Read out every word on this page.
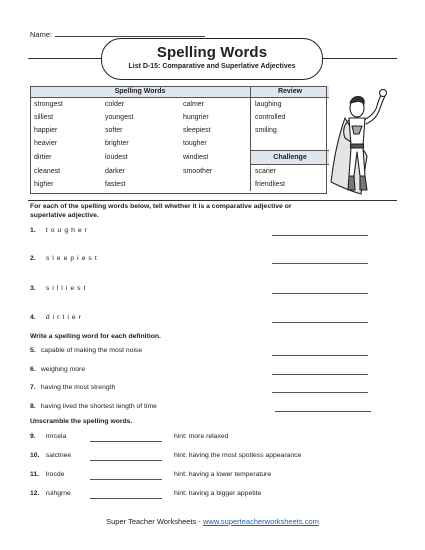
Name:
Spelling Words
List D-15: Comparative and Superlative Adjectives
Spelling Words			Review
strongest	colder	calmer	laughing
silliest	youngest	hungrier	controlled
happier	softer	sleepiest	smiling
heavier	brighter	tougher	
dirtier	loudest	windiest	Challenge
cleanest	darker	smoother	scarier
higher	fastest		friendliest
For each of the spelling words below, tell whether it is a comparative adjective or superlative adjective.
1. tougher
2. sleepiest
3. silliest
4. dirtier
Write a spelling word for each definition.
5. capable of making the most noise
6. weighing more
7. having the most strength
8. having lived the shortest length of time
Unscramble the spelling words.
9. mrcela	hint: more relaxed
10. salctnee	hint: having the most spotless appearance
11. lrocde	hint: having a lower temperature
12. ruihgrne	hint: having a bigger appetite
Super Teacher Worksheets - www.superteacherworksheets.com
